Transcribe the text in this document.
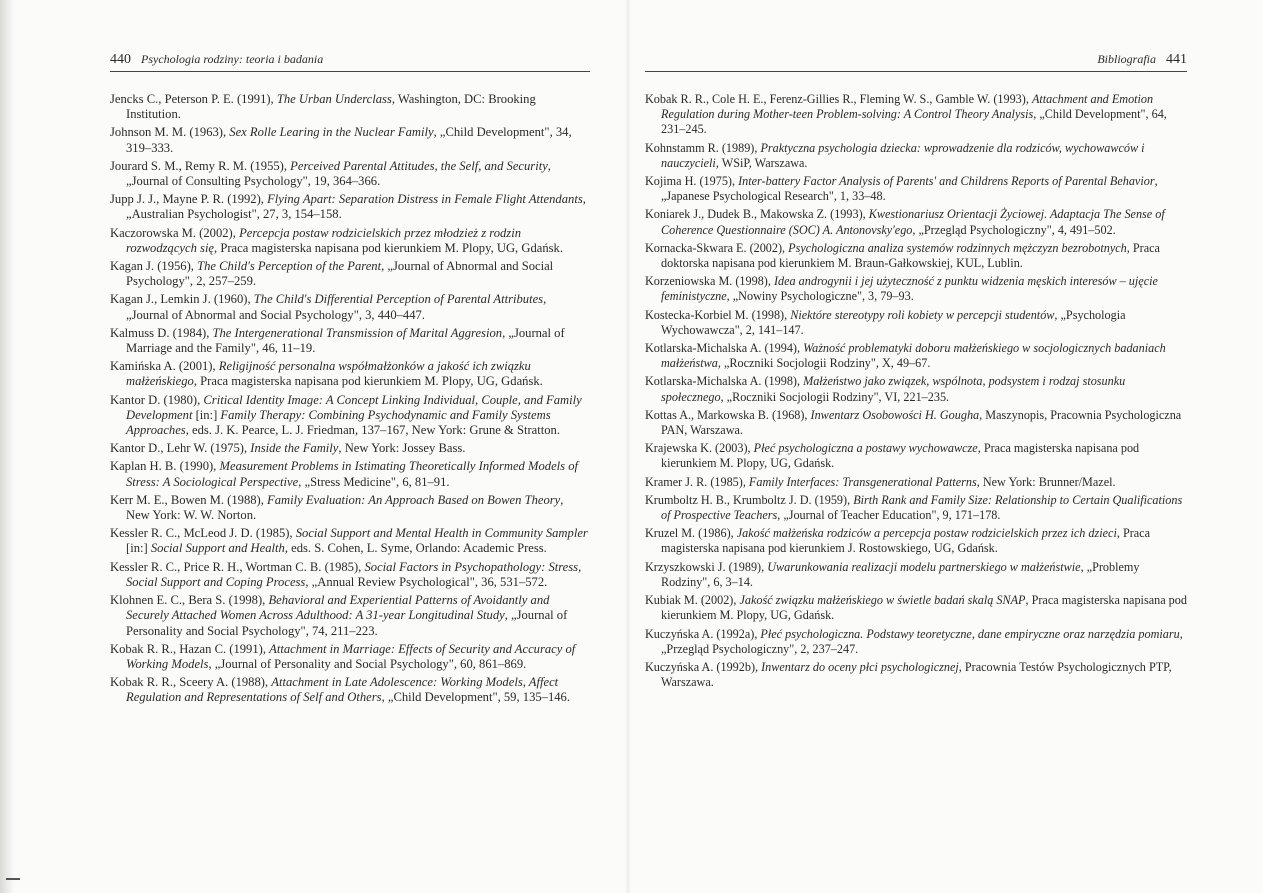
440 Psychologia rodziny: teoria i badania
Jencks C., Peterson P. E. (1991), The Urban Underclass, Washington, DC: Brooking Institution.
Johnson M. M. (1963), Sex Rolle Learing in the Nuclear Family, „Child Development", 34, 319–333.
Jourard S. M., Remy R. M. (1955), Perceived Parental Attitudes, the Self, and Security, „Journal of Consulting Psychology", 19, 364–366.
Jupp J. J., Mayne P. R. (1992), Flying Apart: Separation Distress in Female Flight Attendants, „Australian Psychologist", 27, 3, 154–158.
Kaczorowska M. (2002), Percepcja postaw rodzicielskich przez młodzież z rodzin rozwodzących się, Praca magisterska napisana pod kierunkiem M. Plopy, UG, Gdańsk.
Kagan J. (1956), The Child's Perception of the Parent, „Journal of Abnormal and Social Psychology", 2, 257–259.
Kagan J., Lemkin J. (1960), The Child's Differential Perception of Parental Attributes, „Journal of Abnormal and Social Psychology", 3, 440–447.
Kalmuss D. (1984), The Intergenerational Transmission of Marital Aggresion, „Journal of Marriage and the Family", 46, 11–19.
Kamińska A. (2001), Religijność personalna współmałżonków a jakość ich związku małżeńskiego, Praca magisterska napisana pod kierunkiem M. Plopy, UG, Gdańsk.
Kantor D. (1980), Critical Identity Image: A Concept Linking Individual, Couple, and Family Development [in:] Family Therapy: Combining Psychodynamic and Family Systems Approaches, eds. J. K. Pearce, L. J. Friedman, 137–167, New York: Grune & Stratton.
Kantor D., Lehr W. (1975), Inside the Family, New York: Jossey Bass.
Kaplan H. B. (1990), Measurement Problems in Istimating Theoretically Informed Models of Stress: A Sociological Perspective, „Stress Medicine", 6, 81–91.
Kerr M. E., Bowen M. (1988), Family Evaluation: An Approach Based on Bowen Theory, New York: W. W. Norton.
Kessler R. C., McLeod J. D. (1985), Social Support and Mental Health in Community Sampler [in:] Social Support and Health, eds. S. Cohen, L. Syme, Orlando: Academic Press.
Kessler R. C., Price R. H., Wortman C. B. (1985), Social Factors in Psychopathology: Stress, Social Support and Coping Process, „Annual Review Psychological", 36, 531–572.
Klohnen E. C., Bera S. (1998), Behavioral and Experiential Patterns of Avoidantly and Securely Attached Women Across Adulthood: A 31-year Longitudinal Study, „Journal of Personality and Social Psychology", 74, 211–223.
Kobak R. R., Hazan C. (1991), Attachment in Marriage: Effects of Security and Accuracy of Working Models, „Journal of Personality and Social Psychology", 60, 861–869.
Kobak R. R., Sceery A. (1988), Attachment in Late Adolescence: Working Models, Affect Regulation and Representations of Self and Others, „Child Development", 59, 135–146.
Bibliografia 441
Kobak R. R., Cole H. E., Ferenz-Gillies R., Fleming W. S., Gamble W. (1993), Attachment and Emotion Regulation during Mother-teen Problem-solving: A Control Theory Analysis, „Child Development", 64, 231–245.
Kohnstamm R. (1989), Praktyczna psychologia dziecka: wprowadzenie dla rodziców, wychowawców i nauczycieli, WSiP, Warszawa.
Kojima H. (1975), Inter-battery Factor Analysis of Parents' and Childrens Reports of Parental Behavior, „Japanese Psychological Research", 1, 33–48.
Koniarek J., Dudek B., Makowska Z. (1993), Kwestionariusz Orientacji Życiowej. Adaptacja The Sense of Coherence Questionnaire (SOC) A. Antonovsky'ego, „Przegląd Psychologiczny", 4, 491–502.
Kornacka-Skwara E. (2002), Psychologiczna analiza systemów rodzinnych mężczyzn bezrobotnych, Praca doktorska napisana pod kierunkiem M. Braun-Gałkowskiej, KUL, Lublin.
Korzeniowska M. (1998), Idea androgynii i jej użyteczność z punktu widzenia męskich interesów – ujęcie feministyczne, „Nowiny Psychologiczne", 3, 79–93.
Kostecka-Korbiel M. (1998), Niektóre stereotypy roli kobiety w percepcji studentów, „Psychologia Wychowawcza", 2, 141–147.
Kotlarska-Michalska A. (1994), Ważność problematyki doboru małżeńskiego w socjologicznych badaniach małżeństwa, „Roczniki Socjologii Rodziny", X, 49–67.
Kotlarska-Michalska A. (1998), Małżeństwo jako związek, wspólnota, podsystem i rodzaj stosunku społecznego, „Roczniki Socjologii Rodziny", VI, 221–235.
Kottas A., Markowska B. (1968), Inwentarz Osobowości H. Gougha, Maszynopis, Pracownia Psychologiczna PAN, Warszawa.
Krajewska K. (2003), Płeć psychologiczna a postawy wychowawcze, Praca magisterska napisana pod kierunkiem M. Plopy, UG, Gdańsk.
Kramer J. R. (1985), Family Interfaces: Transgenerational Patterns, New York: Brunner/Mazel.
Krumboltz H. B., Krumboltz J. D. (1959), Birth Rank and Family Size: Relationship to Certain Qualifications of Prospective Teachers, „Journal of Teacher Education", 9, 171–178.
Kruzel M. (1986), Jakość małżeńska rodziców a percepcja postaw rodzicielskich przez ich dzieci, Praca magisterska napisana pod kierunkiem J. Rostowskiego, UG, Gdańsk.
Krzyszkowski J. (1989), Uwarunkowania realizacji modelu partnerskiego w małżeństwie, „Problemy Rodziny", 6, 3–14.
Kubiak M. (2002), Jakość związku małżeńskiego w świetle badań skalą SNAP, Praca magisterska napisana pod kierunkiem M. Plopy, UG, Gdańsk.
Kuczyńska A. (1992a), Płeć psychologiczna. Podstawy teoretyczne, dane empiryczne oraz narzędzia pomiaru, „Przegląd Psychologiczny", 2, 237–247.
Kuczyńska A. (1992b), Inwentarz do oceny płci psychologicznej, Pracownia Testów Psychologicznych PTP, Warszawa.
